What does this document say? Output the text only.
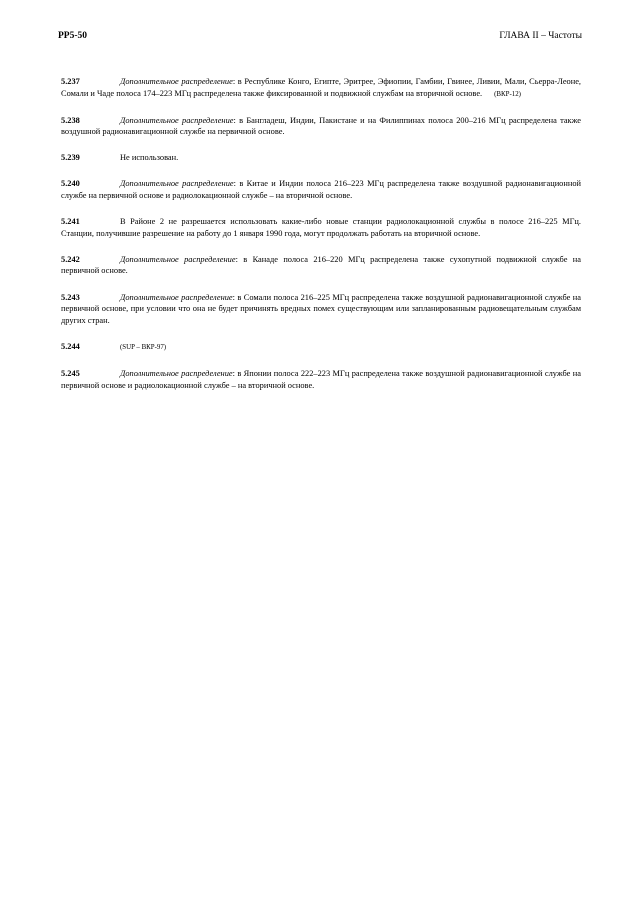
РР5-50	ГЛАВА II – Частоты

5.237	Дополнительное распределение: в Республике Конго, Египте, Эритрее, Эфиопии, Гамбии, Гвинее, Ливии, Мали, Сьерра-Леоне, Сомали и Чаде полоса 174–223 МГц распределена также фиксированной и подвижной службам на вторичной основе. (ВКР-12)

5.238	Дополнительное распределение: в Бангладеш, Индии, Пакистане и на Филиппинах полоса 200–216 МГц распределена также воздушной радионавигационной службе на первичной основе.

5.239	Не использован.

5.240	Дополнительное распределение: в Китае и Индии полоса 216–223 МГц распределена также воздушной радионавигационной службе на первичной основе и радиолокационной службе – на вторичной основе.

5.241	В Районе 2 не разрешается использовать какие-либо новые станции радиолокационной службы в полосе 216–225 МГц. Станции, получившие разрешение на работу до 1 января 1990 года, могут продолжать работать на вторичной основе.

5.242	Дополнительное распределение: в Канаде полоса 216–220 МГц распределена также сухопутной подвижной службе на первичной основе.

5.243	Дополнительное распределение: в Сомали полоса 216–225 МГц распределена также воздушной радионавигационной службе на первичной основе, при условии что она не будет причинять вредных помех существующим или запланированным радиовещательным службам других стран.

5.244	(SUP – ВКР-97)

5.245	Дополнительное распределение: в Японии полоса 222–223 МГц распределена также воздушной радионавигационной службе на первичной основе и радиолокационной службе – на вторичной основе.
